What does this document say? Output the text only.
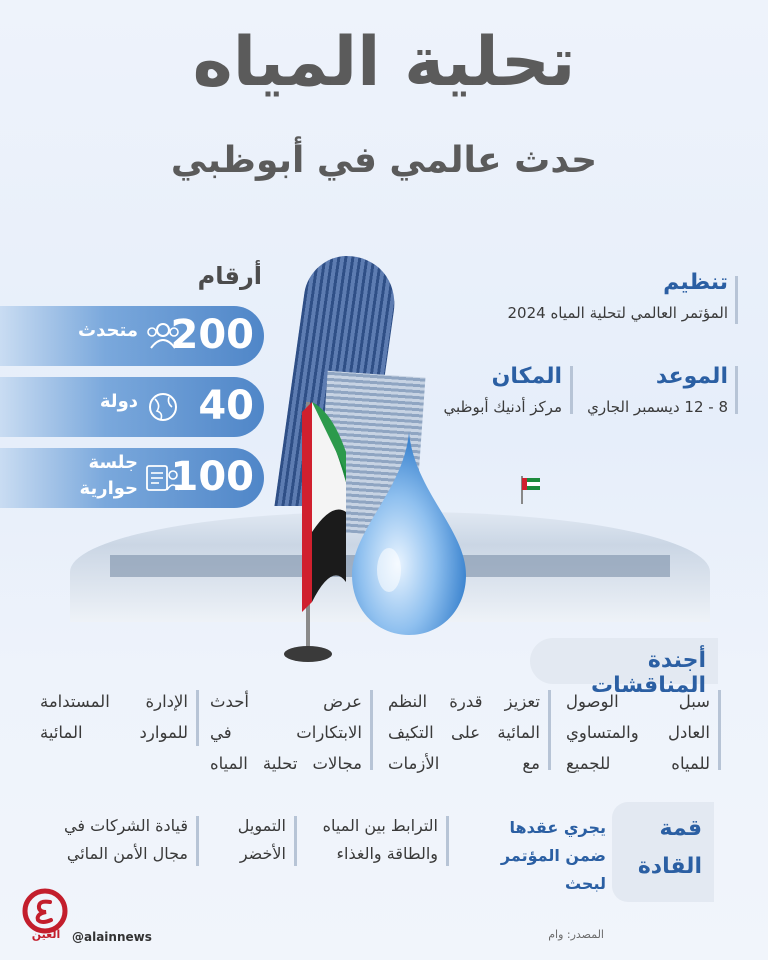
تحلية المياه
حدث عالمي في أبوظبي
أرقام
200
متحدث
40
دولة
100
جلسة
حوارية
تنظيم
المؤتمر العالمي لتحلية المياه 2024
الموعد
8 - 12 ديسمبر الجاري
المكان
مركز أدنيك أبوظبي
أجندة المناقشات
سبل الوصول
العادل والمتساوي
للمياه للجميع
تعزيز قدرة النظم
المائية على التكيف
مع الأزمات
عرض أحدث
الابتكارات في
مجالات تحلية المياه
الإدارة المستدامة
للموارد المائية
قمة
القادة
يجري عقدها
ضمن المؤتمر لبحث
الترابط بين المياه
والطاقة والغذاء
التمويل
الأخضر
قيادة الشركات في
مجال الأمن المائي
العين @alainnews	المصدر: وام
